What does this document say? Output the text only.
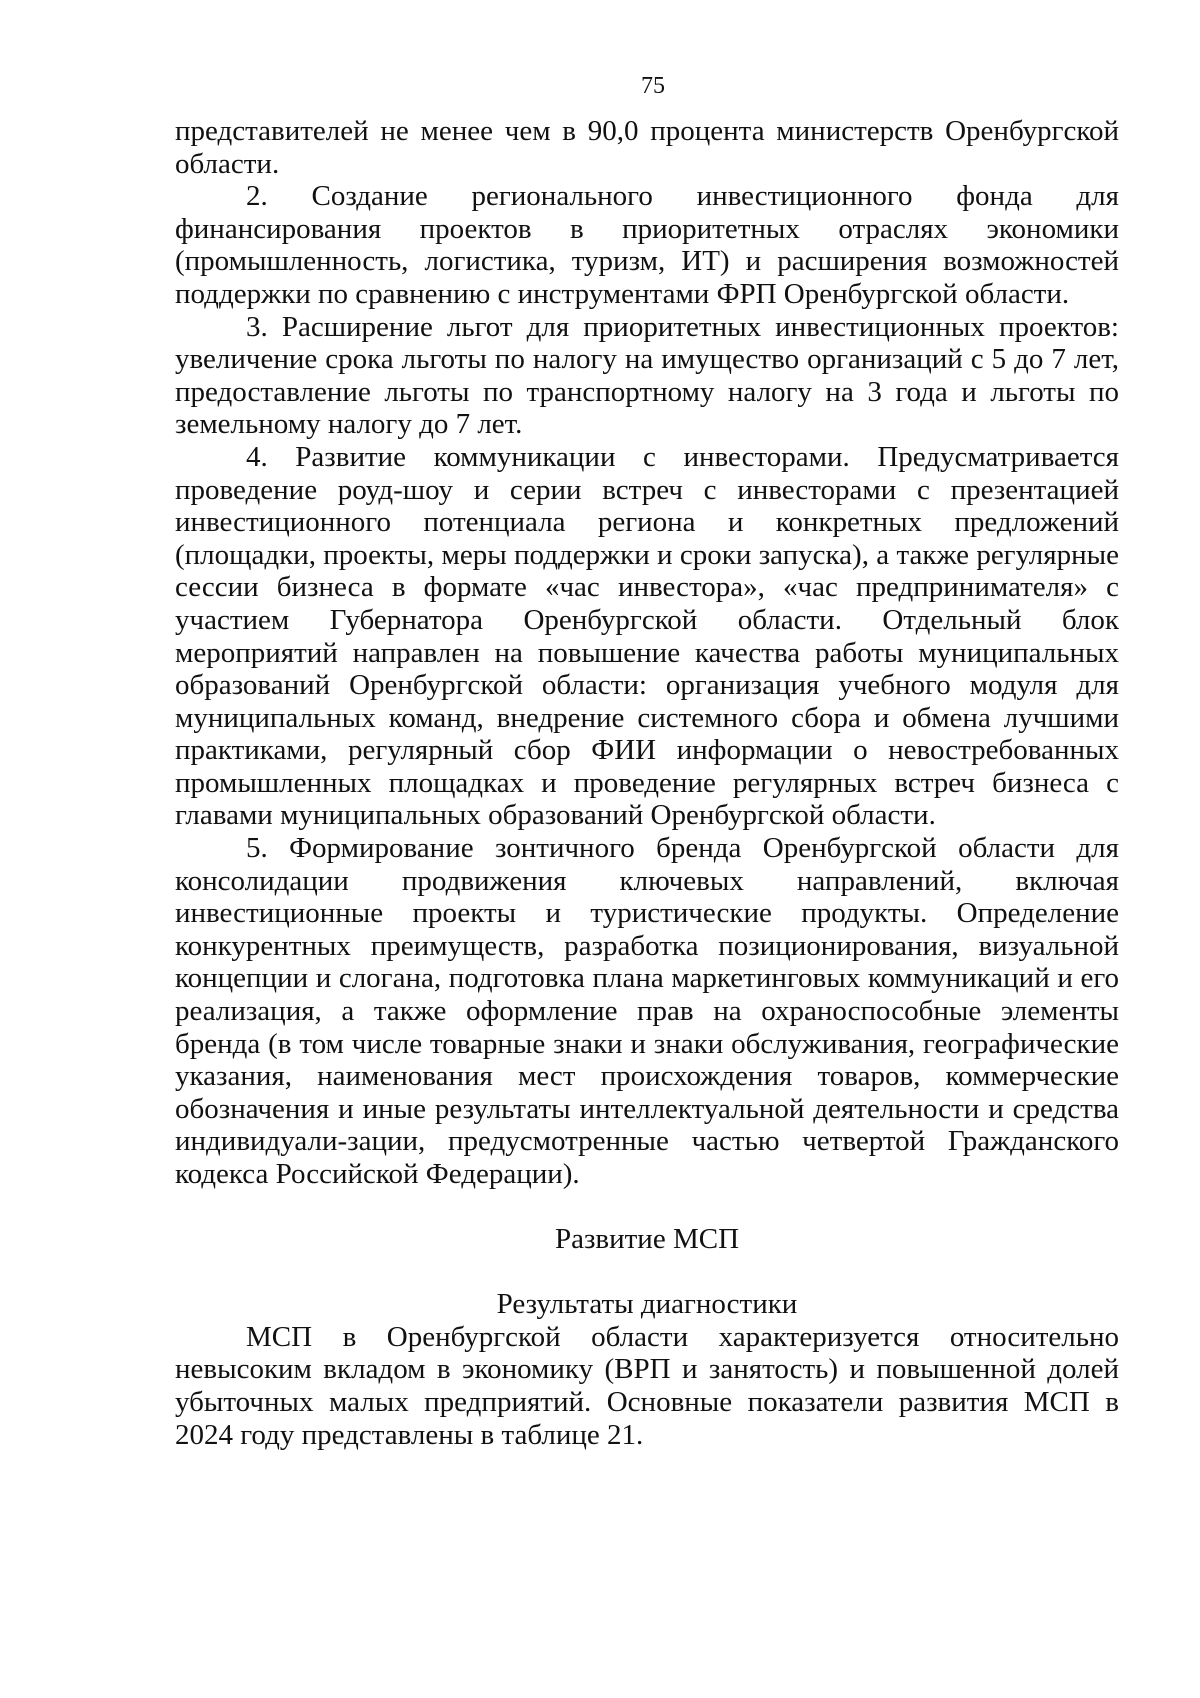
75

представителей не менее чем в 90,0 процента министерств Оренбургской области.

2. Создание регионального инвестиционного фонда для финансирования проектов в приоритетных отраслях экономики (промышленность, логистика, туризм, ИТ) и расширения возможностей поддержки по сравнению с инструментами ФРП Оренбургской области.

3. Расширение льгот для приоритетных инвестиционных проектов: увеличение срока льготы по налогу на имущество организаций с 5 до 7 лет, предоставление льготы по транспортному налогу на 3 года и льготы по земельному налогу до 7 лет.

4. Развитие коммуникации с инвесторами. Предусматривается проведение роуд-шоу и серии встреч с инвесторами с презентацией инвестиционного потенциала региона и конкретных предложений (площадки, проекты, меры поддержки и сроки запуска), а также регулярные сессии бизнеса в формате «час инвестора», «час предпринимателя» с участием Губернатора Оренбургской области. Отдельный блок мероприятий направлен на повышение качества работы муниципальных образований Оренбургской области: организация учебного модуля для муниципальных команд, внедрение системного сбора и обмена лучшими практиками, регулярный сбор ФИИ информации о невостребованных промышленных площадках и проведение регулярных встреч бизнеса с главами муниципальных образований Оренбургской области.

5. Формирование зонтичного бренда Оренбургской области для консолидации продвижения ключевых направлений, включая инвестиционные проекты и туристические продукты. Определение конкурентных преимуществ, разработка позиционирования, визуальной концепции и слогана, подготовка плана маркетинговых коммуникаций и его реализация, а также оформление прав на охраноспособные элементы бренда (в том числе товарные знаки и знаки обслуживания, географические указания, наименования мест происхождения товаров, коммерческие обозначения и иные результаты интеллектуальной деятельности и средства индивидуали-зации, предусмотренные частью четвертой Гражданского кодекса Российской Федерации).

Развитие МСП
Результаты диагностики

МСП в Оренбургской области характеризуется относительно невысоким вкладом в экономику (ВРП и занятость) и повышенной долей убыточных малых предприятий. Основные показатели развития МСП в 2024 году представлены в таблице 21.
